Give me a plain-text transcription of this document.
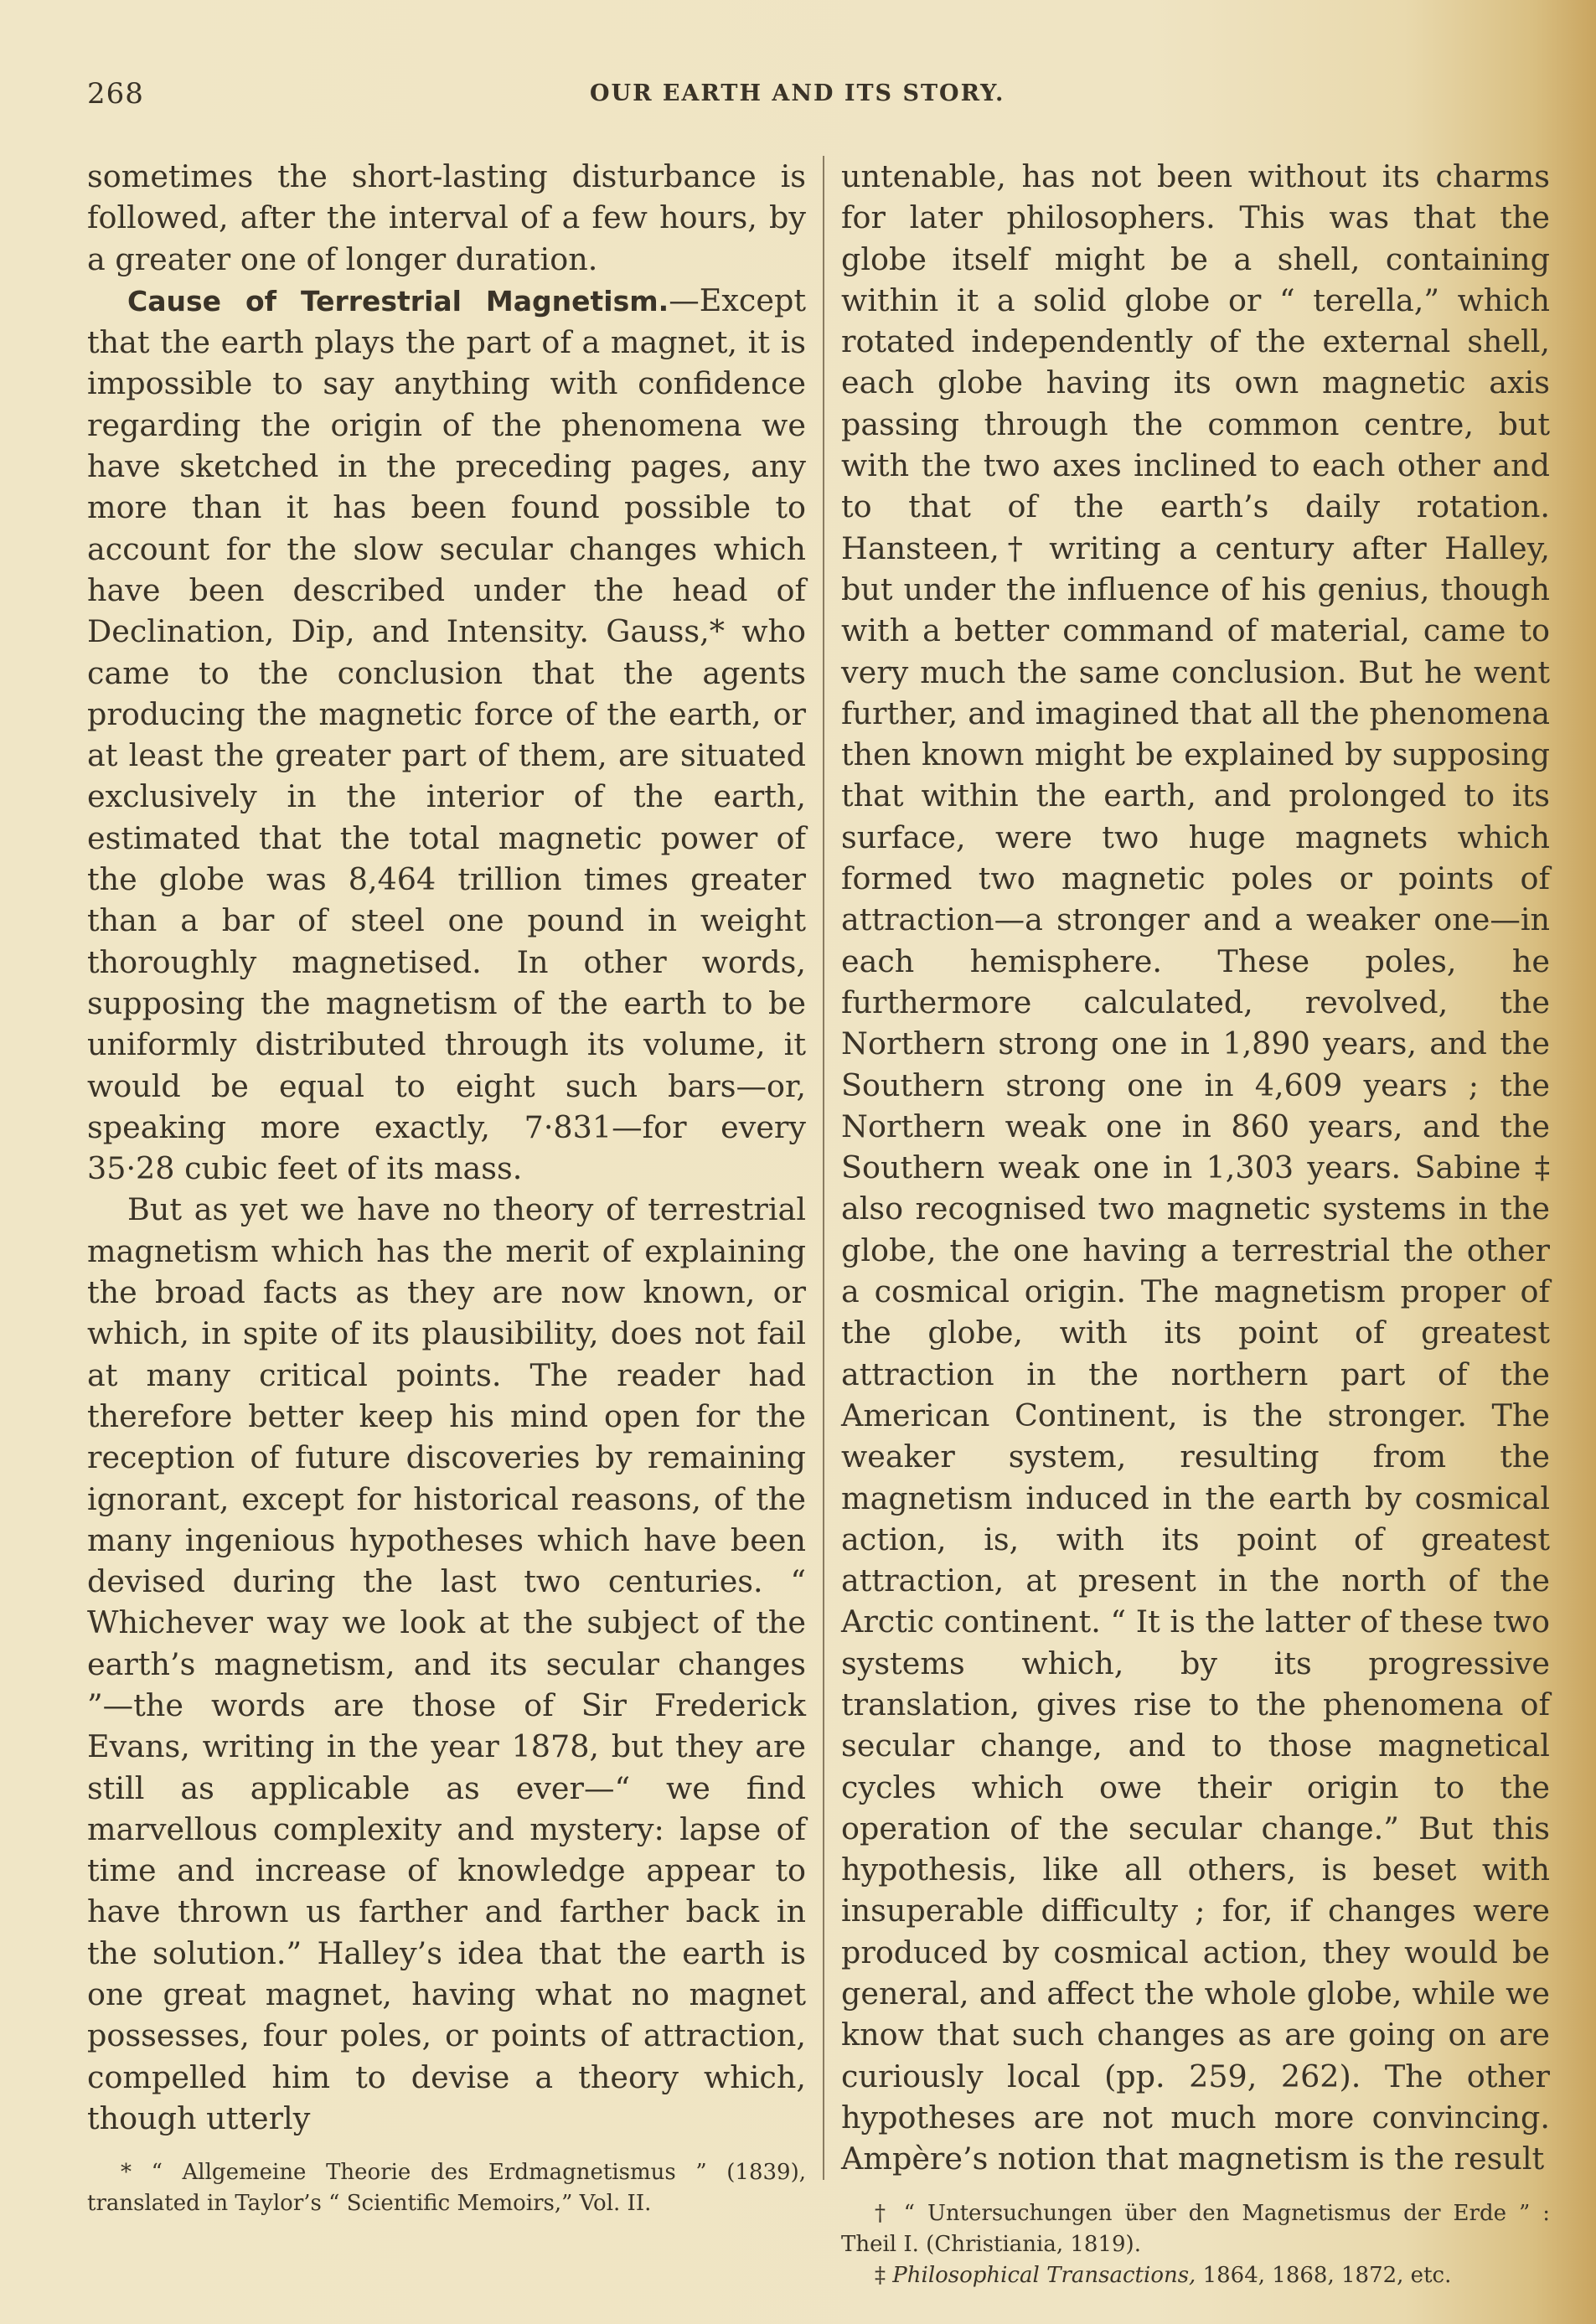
268	OUR EARTH AND ITS STORY.

sometimes the short-lasting disturbance is followed, after the interval of a few hours, by a greater one of longer duration.

Cause of Terrestrial Magnetism.—Except that the earth plays the part of a magnet, it is impossible to say anything with confidence regarding the origin of the phenomena we have sketched in the preceding pages, any more than it has been found possible to account for the slow secular changes which have been described under the head of Declination, Dip, and Intensity. Gauss,* who came to the conclusion that the agents producing the magnetic force of the earth, or at least the greater part of them, are situated exclusively in the interior of the earth, estimated that the total magnetic power of the globe was 8,464 trillion times greater than a bar of steel one pound in weight thoroughly magnetised. In other words, supposing the magnetism of the earth to be uniformly distributed through its volume, it would be equal to eight such bars—or, speaking more exactly, 7·831—for every 35·28 cubic feet of its mass.

But as yet we have no theory of terrestrial magnetism which has the merit of explaining the broad facts as they are now known, or which, in spite of its plausibility, does not fail at many critical points. The reader had therefore better keep his mind open for the reception of future discoveries by remaining ignorant, except for historical reasons, of the many ingenious hypotheses which have been devised during the last two centuries. “ Whichever way we look at the subject of the earth’s magnetism, and its secular changes ”—the words are those of Sir Frederick Evans, writing in the year 1878, but they are still as applicable as ever—“ we find marvellous complexity and mystery: lapse of time and increase of knowledge appear to have thrown us farther and farther back in the solution.” Halley’s idea that the earth is one great magnet, having what no magnet possesses, four poles, or points of attraction, compelled him to devise a theory which, though utterly

* “ Allgemeine Theorie des Erdmagnetismus ” (1839), translated in Taylor’s “ Scientific Memoirs,” Vol. II.

untenable, has not been without its charms for later philosophers. This was that the globe itself might be a shell, containing within it a solid globe or “ terella,” which rotated independently of the external shell, each globe having its own magnetic axis passing through the common centre, but with the two axes inclined to each other and to that of the earth’s daily rotation. Hansteen,† writing a century after Halley, but under the influence of his genius, though with a better command of material, came to very much the same conclusion. But he went further, and imagined that all the phenomena then known might be explained by supposing that within the earth, and prolonged to its surface, were two huge magnets which formed two magnetic poles or points of attraction—a stronger and a weaker one—in each hemisphere. These poles, he furthermore calculated, revolved, the Northern strong one in 1,890 years, and the Southern strong one in 4,609 years ; the Northern weak one in 860 years, and the Southern weak one in 1,303 years. Sabine ‡ also recognised two magnetic systems in the globe, the one having a terrestrial the other a cosmical origin. The magnetism proper of the globe, with its point of greatest attraction in the northern part of the American Continent, is the stronger. The weaker system, resulting from the magnetism induced in the earth by cosmical action, is, with its point of greatest attraction, at present in the north of the Arctic continent. “ It is the latter of these two systems which, by its progressive translation, gives rise to the phenomena of secular change, and to those magnetical cycles which owe their origin to the operation of the secular change.” But this hypothesis, like all others, is beset with insuperable difficulty ; for, if changes were produced by cosmical action, they would be general, and affect the whole globe, while we know that such changes as are going on are curiously local (pp. 259, 262). The other hypotheses are not much more convincing. Ampère’s notion that magnetism is the result

† “ Untersuchungen über den Magnetismus der Erde ” : Theil I. (Christiania, 1819).

‡ Philosophical Transactions, 1864, 1868, 1872, etc.
